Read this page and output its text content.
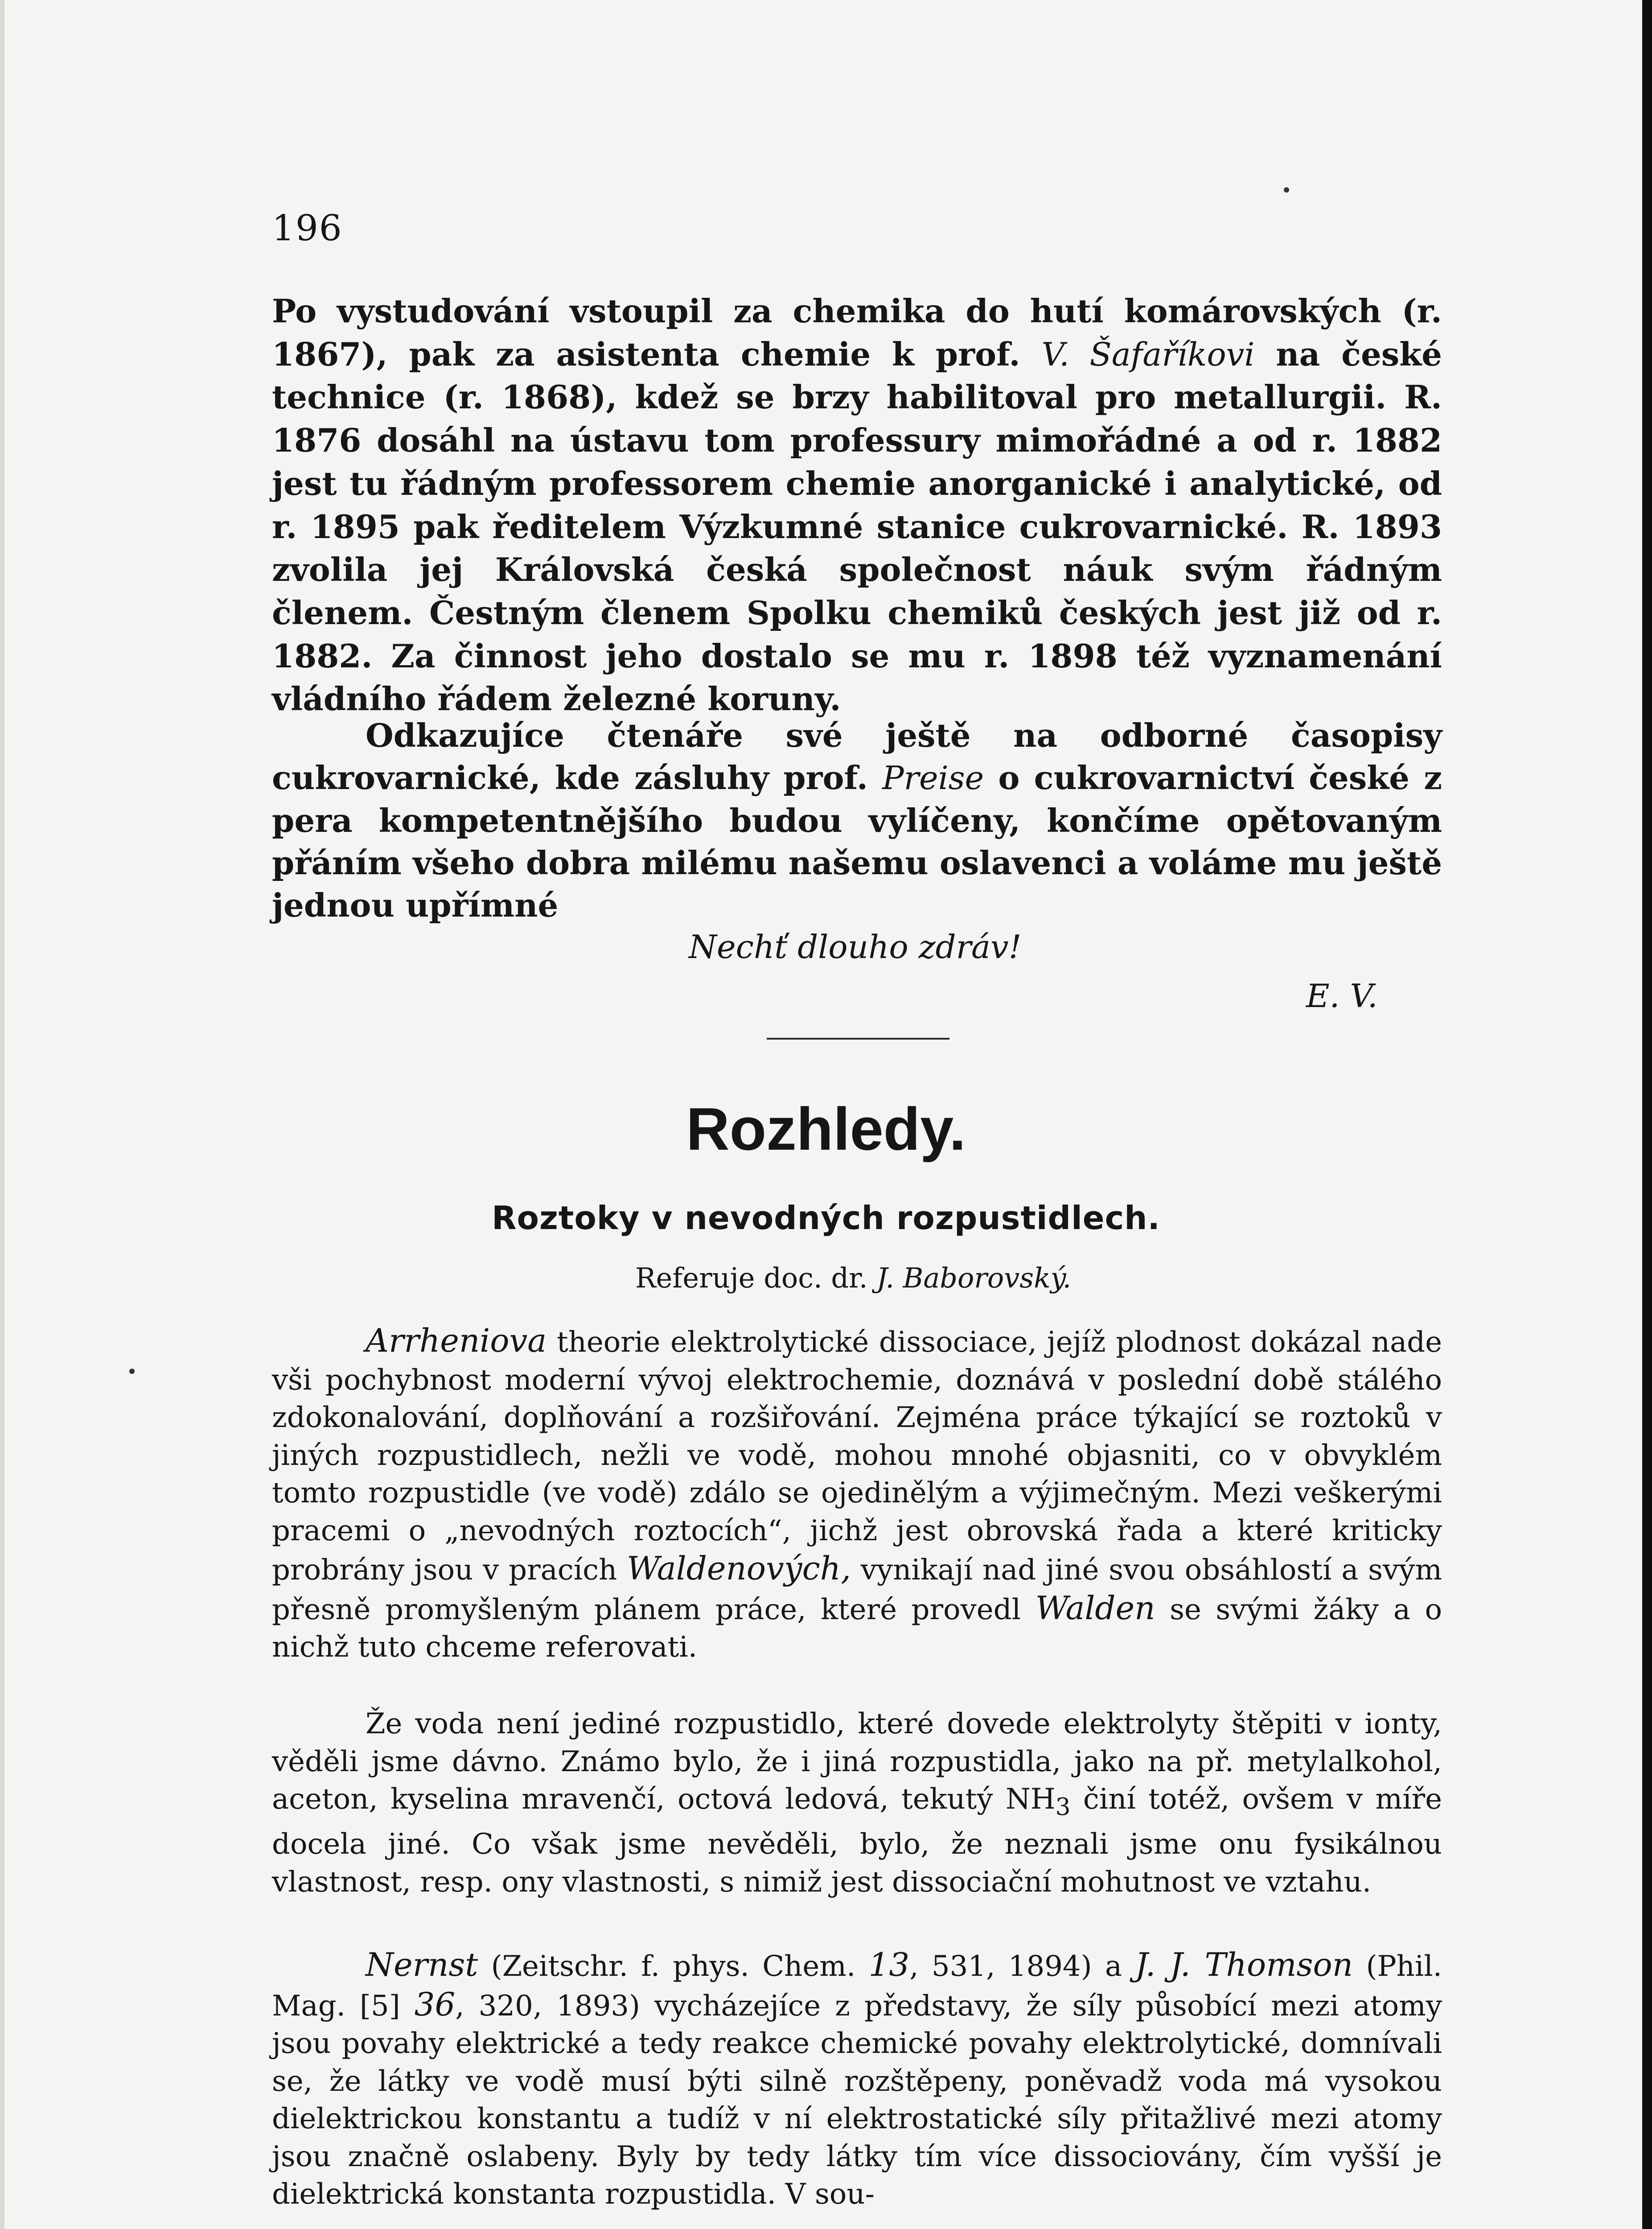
196

Po vystudování vstoupil za chemika do hutí komárovských (r. 1867), pak za asistenta chemie k prof. V. Šafaříkovi na české technice (r. 1868), kdež se brzy habilitoval pro metallurgii. R. 1876 dosáhl na ústavu tom professury mimořádné a od r. 1882 jest tu řádným professorem chemie anorganické i analytické, od r. 1895 pak ředitelem Výzkumné stanice cukrovarnické. R. 1893 zvolila jej Královská česká společnost náuk svým řádným členem. Čestným členem Spolku chemiků českých jest již od r. 1882. Za činnost jeho dostalo se mu r. 1898 též vyznamenání vládního řádem železné koruny.

Odkazujíce čtenáře své ještě na odborné časopisy cukrovarnické, kde zásluhy prof. Preise o cukrovarnictví české z pera kompetentnějšího budou vylíčeny, končíme opětovaným přáním všeho dobra milému našemu oslavenci a voláme mu ještě jednou upřímné

Nechť dlouho zdráv!
E. V.
Rozhledy.
Roztoky v nevodných rozpustidlech.
Referuje doc. dr. J. Baborovský.

Arrheniova theorie elektrolytické dissociace, jejíž plodnost dokázal nade vši pochybnost moderní vývoj elektrochemie, doznává v poslední době stálého zdokonalování, doplňování a rozšiřování. Zejména práce týkající se roztoků v jiných rozpustidlech, nežli ve vodě, mohou mnohé objasniti, co v obvyklém tomto rozpustidle (ve vodě) zdálo se ojedinělým a výjimečným. Mezi veškerými pracemi o „nevodných roztocích“, jichž jest obrovská řada a které kriticky probrány jsou v pracích Waldenových, vynikají nad jiné svou obsáhlostí a svým přesně promyšleným plánem práce, které provedl Walden se svými žáky a o nichž tuto chceme referovati.

Že voda není jediné rozpustidlo, které dovede elektrolyty štěpiti v ionty, věděli jsme dávno. Známo bylo, že i jiná rozpustidla, jako na př. metylalkohol, aceton, kyselina mravenčí, octová ledová, tekutý $NH_3$ činí totéž, ovšem v míře docela jiné. Co však jsme nevěděli, bylo, že neznali jsme onu fysikálnou vlastnost, resp. ony vlastnosti, s nimiž jest dissociační mohutnost ve vztahu.

Nernst (Zeitschr. f. phys. Chem. 13, 531, 1894) a J. J. Thomson (Phil. Mag. [5] 36, 320, 1893) vycházejíce z představy, že síly působící mezi atomy jsou povahy elektrické a tedy reakce chemické povahy elektrolytické, domnívali se, že látky ve vodě musí býti silně rozštěpeny, poněvadž voda má vysokou dielektrickou konstantu a tudíž v ní elektrostatické síly přitažlivé mezi atomy jsou značně oslabeny. Byly by tedy látky tím více dissociovány, čím vyšší je dielektrická konstanta rozpustidla. V sou-
